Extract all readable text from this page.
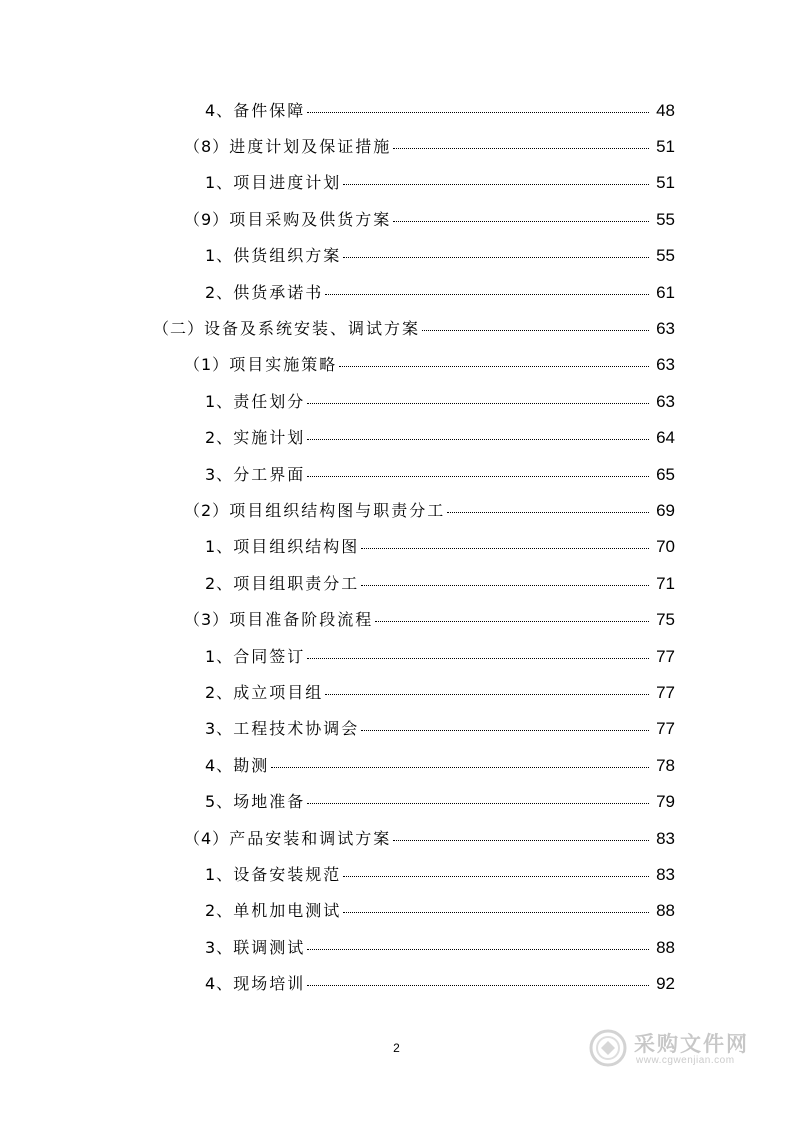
4、 备件保障	48
（8） 进度计划及保证措施	51
1、 项目进度计划	51
（9） 项目采购及供货方案	55
1、 供货组织方案	55
2、 供货承诺书	61
（二） 设备及系统安装、调试方案	63
（1） 项目实施策略	63
1、 责任划分	63
2、 实施计划	64
3、 分工界面	65
（2） 项目组织结构图与职责分工	69
1、 项目组织结构图	70
2、 项目组职责分工	71
（3） 项目准备阶段流程	75
1、 合同签订	77
2、 成立项目组	77
3、 工程技术协调会	77
4、 勘测	78
5、 场地准备	79
（4） 产品安装和调试方案	83
1、 设备安装规范	83
2、 单机加电测试	88
3、 联调测试	88
4、 现场培训	92
2	采购文件网
www.cgwenjian.com
